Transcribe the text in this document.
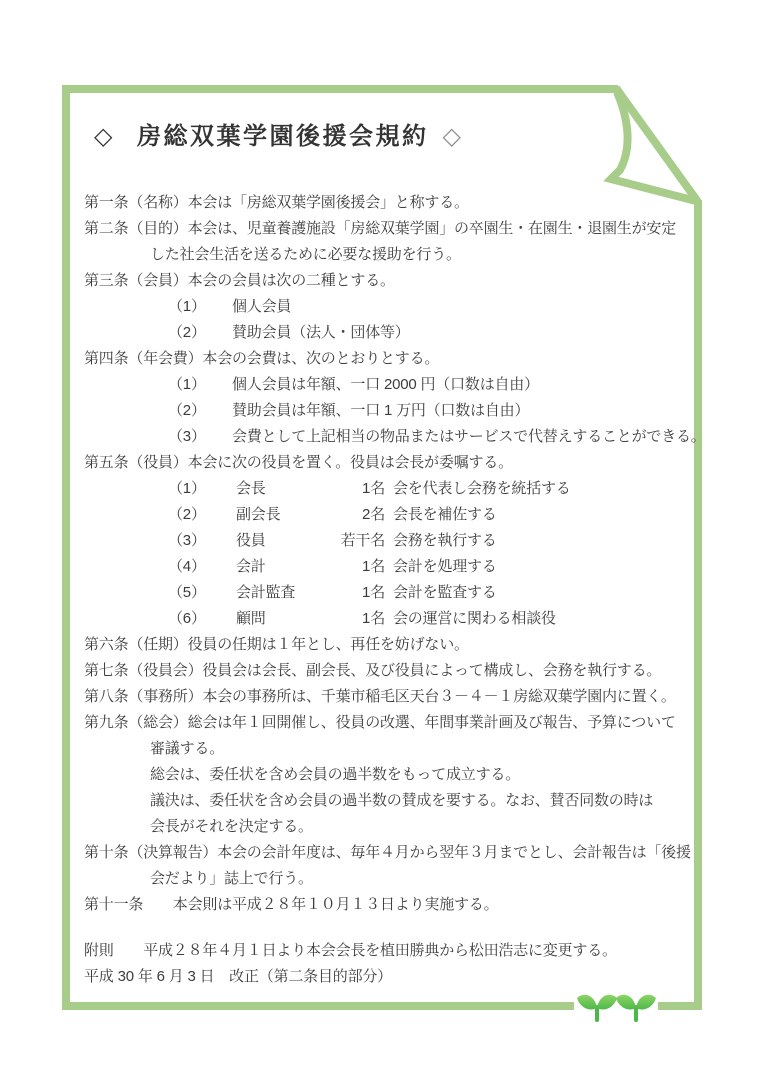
◇ 房総双葉学園後援会規約 ◇
第一条（名称）本会は「房総双葉学園後援会」と称する。
第二条（目的）本会は、児童養護施設「房総双葉学園」の卒園生・在園生・退園生が安定
した社会生活を送るために必要な援助を行う。
第三条（会員）本会の会員は次の二種とする。
（1）	個人会員
（2）	賛助会員（法人・団体等）
第四条（年会費）本会の会費は、次のとおりとする。
（1）	個人会員は年額、一口 2000 円（口数は自由）
（2）	賛助会員は年額、一口 1 万円（口数は自由）
（3）	会費として上記相当の物品またはサービスで代替えすることができる。
第五条（役員）本会に次の役員を置く。役員は会長が委嘱する。
（1）	会長	1名 会を代表し会務を統括する
（2）	副会長	2名 会長を補佐する
（3）	役員	若干名 会務を執行する
（4）	会計	1名 会計を処理する
（5）	会計監査	1名 会計を監査する
（6）	顧問	1名 会の運営に関わる相談役
第六条（任期）役員の任期は１年とし、再任を妨げない。
第七条（役員会）役員会は会長、副会長、及び役員によって構成し、会務を執行する。
第八条（事務所）本会の事務所は、千葉市稲毛区天台３－４－１房総双葉学園内に置く。
第九条（総会）総会は年１回開催し、役員の改選、年間事業計画及び報告、予算について
審議する。
総会は、委任状を含め会員の過半数をもって成立する。
議決は、委任状を含め会員の過半数の賛成を要する。なお、賛否同数の時は
会長がそれを決定する。
第十条（決算報告）本会の会計年度は、毎年４月から翌年３月までとし、会計報告は「後援
会だより」誌上で行う。
第十一条　　本会則は平成２８年１０月１３日より実施する。
附則　　平成２８年４月１日より本会会長を植田勝典から松田浩志に変更する。
平成 30 年 6 月 3 日　改正（第二条目的部分）
